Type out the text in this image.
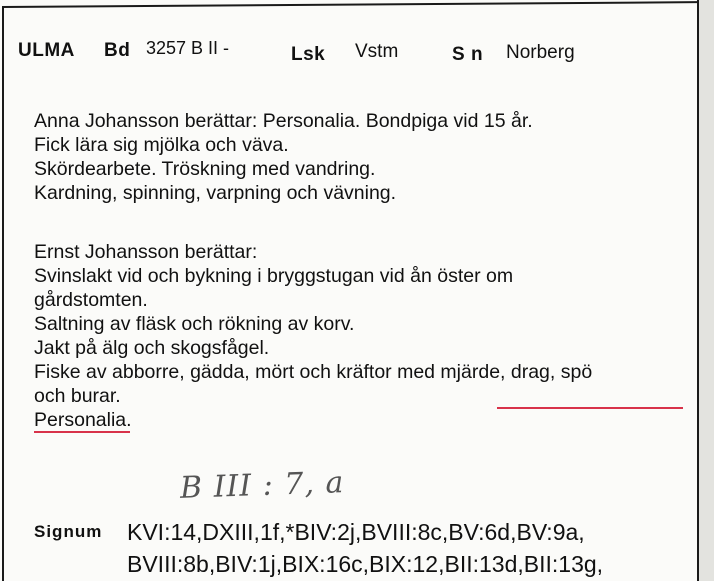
ULMA Bd 3257 B II -	Lsk Vstm	S n Norberg
Anna Johansson berättar: Personalia. Bondpiga vid 15 år.
Fick lära sig mjölka och väva.
Skördearbete. Tröskning med vandring.
Kardning, spinning, varpning och vävning.
Ernst Johansson berättar:
Svinslakt vid och bykning i bryggstugan vid ån öster om
gårdstomten.
Saltning av fläsk och rökning av korv.
Jakt på älg och skogsfågel.
Fiske av abborre, gädda, mört och kräftor med mjärde, drag, spö
och burar.
Personalia.
B III : 7, a
Signum KVI:14,DXIII,1f,*BIV:2j,BVIII:8c,BV:6d,BV:9a,
BVIII:8b,BIV:1j,BIX:16c,BIX:12,BII:13d,BII:13g,
